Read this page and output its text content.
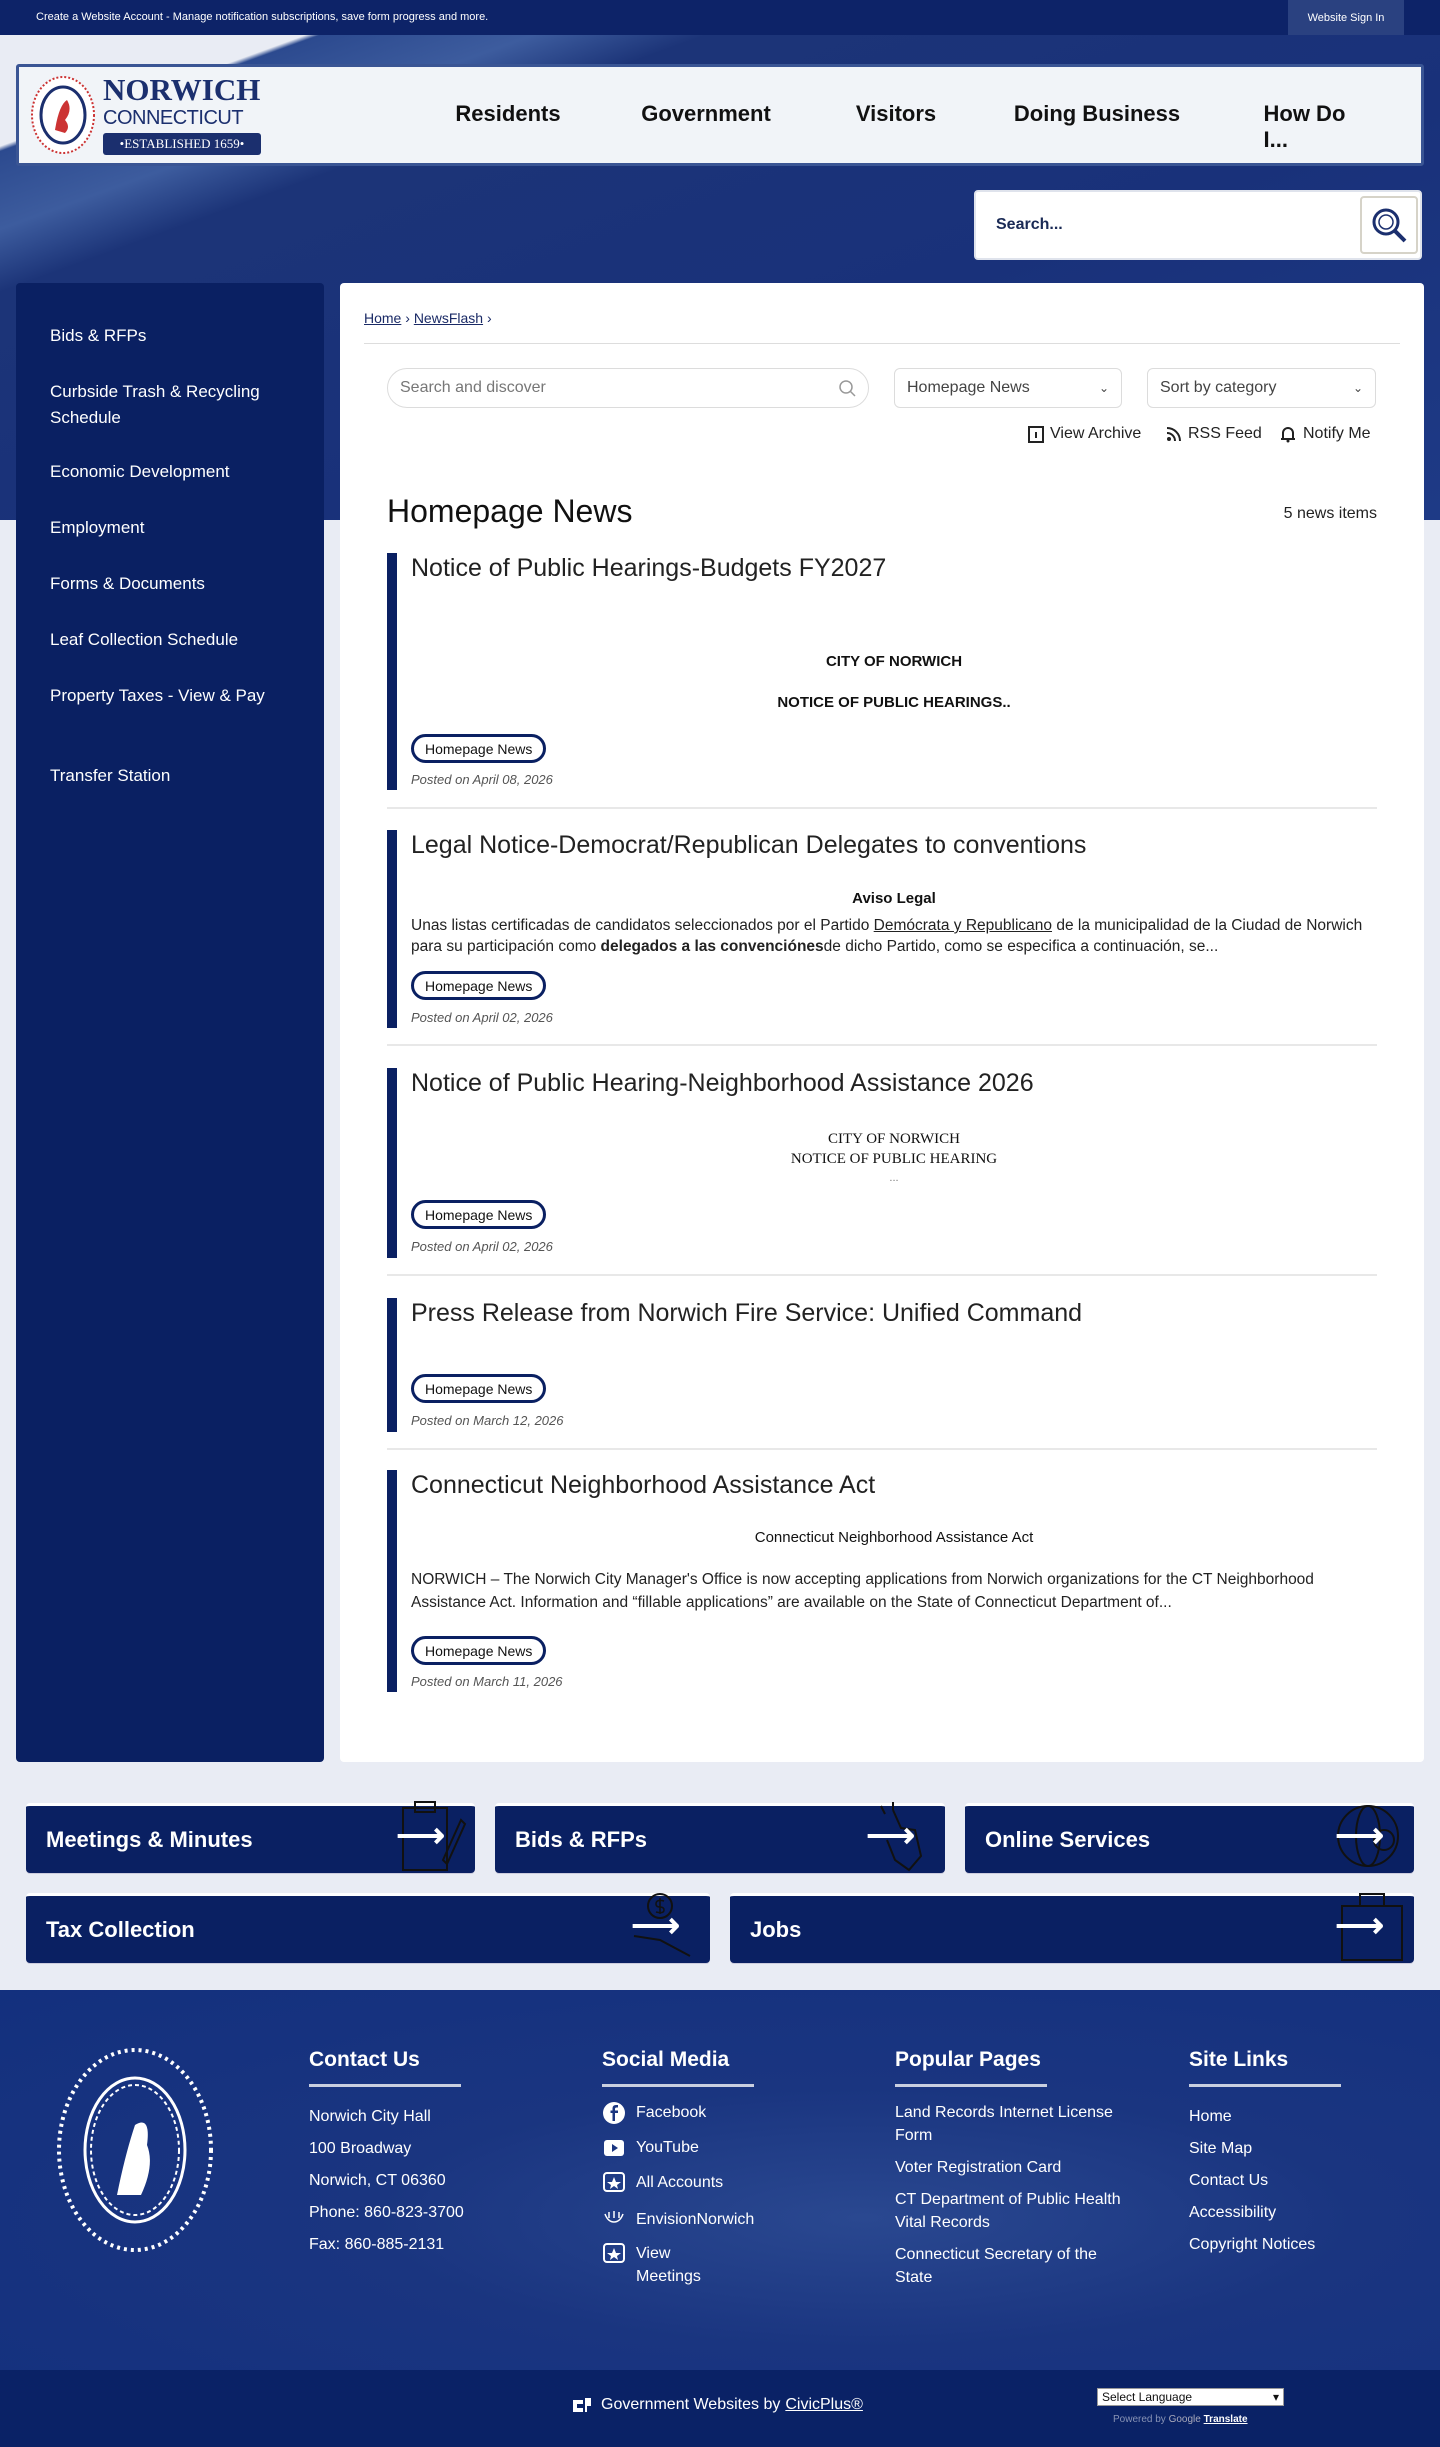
Create a Website Account - Manage notification subscriptions, save form progress and more.	Website Sign In
NORWICH
CONNECTICUT
•ESTABLISHED 1659•
Residents	Government	Visitors	Doing Business	How Do I...
Search...
Bids & RFPs
Curbside Trash & Recycling Schedule
Economic Development
Employment
Forms & Documents
Leaf Collection Schedule
Property Taxes - View & Pay
Transfer Station
Home › NewsFlash ›
Search and discover	Homepage News	⌄	Sort by category	⌄
View Archive	RSS Feed	Notify Me
Homepage News	5 news items
Notice of Public Hearings-Budgets FY2027
CITY OF NORWICH
NOTICE OF PUBLIC HEARINGS..
Homepage News
Posted on April 08, 2026
Legal Notice-Democrat/Republican Delegates to conventions
Aviso Legal
Unas listas certificadas de candidatos seleccionados por el Partido Demócrata y Republicano de la municipalidad de la Ciudad de Norwich para su participación como delegados a las convenciónesde dicho Partido, como se especifica a continuación, se...
Homepage News
Posted on April 02, 2026
Notice of Public Hearing-Neighborhood Assistance 2026
CITY OF NORWICH
NOTICE OF PUBLIC HEARING
...
Homepage News
Posted on April 02, 2026
Press Release from Norwich Fire Service: Unified Command
Homepage News
Posted on March 12, 2026
Connecticut Neighborhood Assistance Act
Connecticut Neighborhood Assistance Act
NORWICH – The Norwich City Manager's Office is now accepting applications from Norwich organizations for the CT Neighborhood Assistance Act. Information and “fillable applications” are available on the State of Connecticut Department of...
Homepage News
Posted on March 11, 2026
Meetings & Minutes	⟶	Bids & RFPs	⟶	Online Services	⟶
Tax Collection	⟶	Jobs	⟶
Contact Us
Norwich City Hall
100 Broadway
Norwich, CT 06360
Phone: 860-823-3700
Fax: 860-885-2131
Social Media
Facebook
YouTube
All Accounts
EnvisionNorwich
View Meetings
Popular Pages
Land Records Internet License Form
Voter Registration Card
CT Department of Public Health Vital Records
Connecticut Secretary of the State
Site Links
Home
Site Map
Contact Us
Accessibility
Copyright Notices
Government Websites by CivicPlus®	Select Language	▾
Powered by Google Translate
